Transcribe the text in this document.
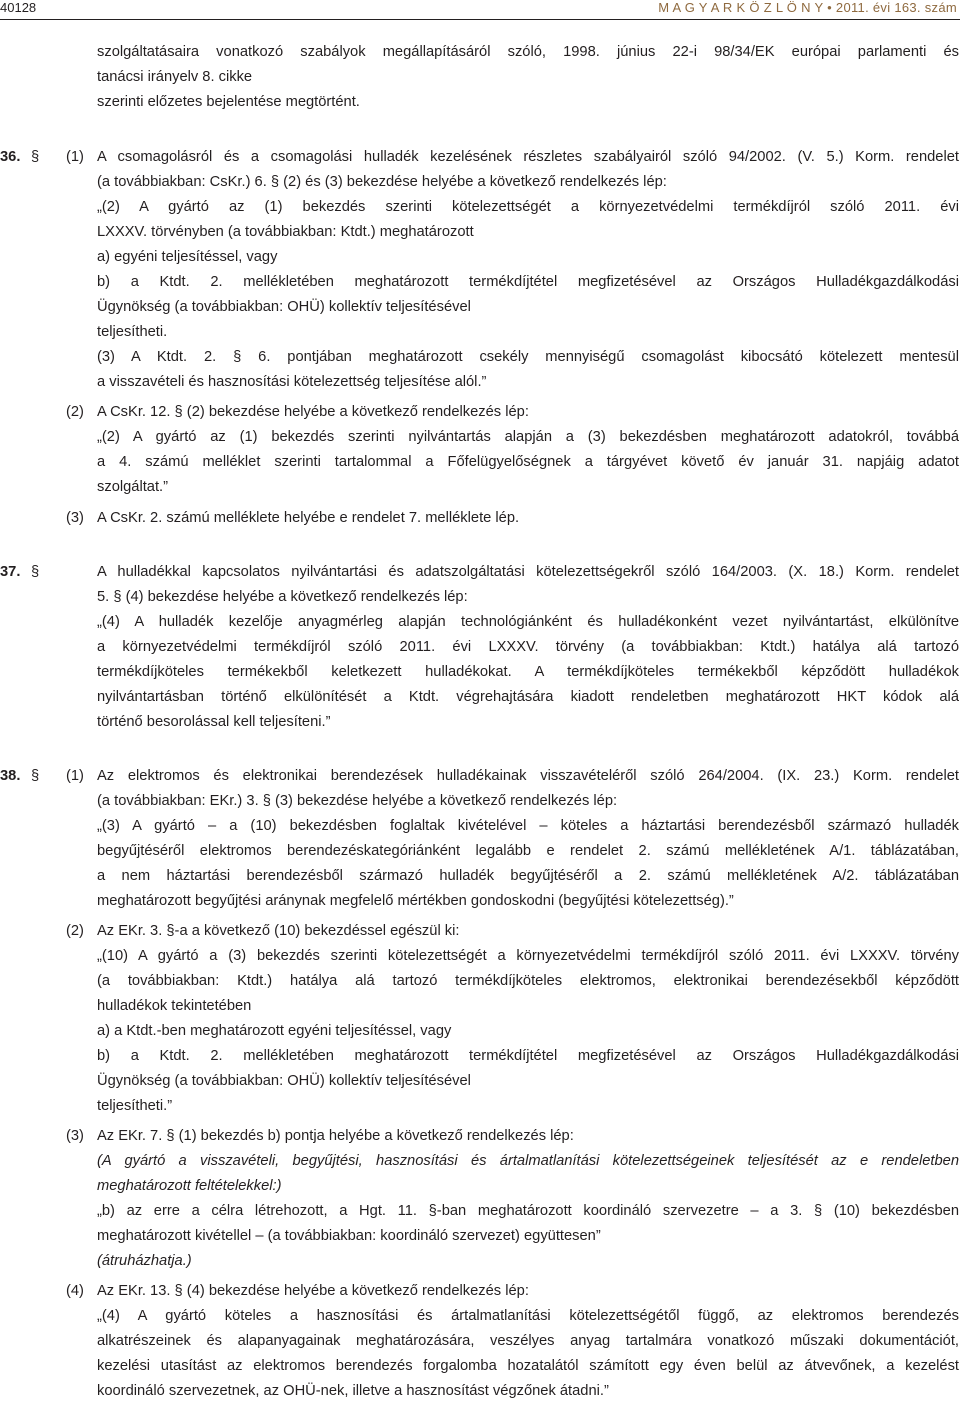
40128	M A G Y A R K Ö Z L Ö N Y • 2011. évi 163. szám
szolgáltatásaira vonatkozó szabályok megállapításáról szóló, 1998. június 22-i 98/34/EK európai parlamenti és
tanácsi irányelv 8. cikke
szerinti előzetes bejelentése megtörtént.
36. § (1) A csomagolásról és a csomagolási hulladék kezelésének részletes szabályairól szóló 94/2002. (V. 5.) Korm. rendelet
(a továbbiakban: CsKr.) 6. § (2) és (3) bekezdése helyébe a következő rendelkezés lép:
„(2) A gyártó az (1) bekezdés szerinti kötelezettségét a környezetvédelmi termékdíjról szóló 2011. évi
LXXXV. törvényben (a továbbiakban: Ktdt.) meghatározott
a) egyéni teljesítéssel, vagy
b) a Ktdt. 2. mellékletében meghatározott termékdíjtétel megfizetésével az Országos Hulladékgazdálkodási
Ügynökség (a továbbiakban: OHÜ) kollektív teljesítésével
teljesítheti.
(3) A Ktdt. 2. § 6. pontjában meghatározott csekély mennyiségű csomagolást kibocsátó kötelezett mentesül
a visszavételi és hasznosítási kötelezettség teljesítése alól.”
(2) A CsKr. 12. § (2) bekezdése helyébe a következő rendelkezés lép:
„(2) A gyártó az (1) bekezdés szerinti nyilvántartás alapján a (3) bekezdésben meghatározott adatokról, továbbá
a 4. számú melléklet szerinti tartalommal a Főfelügyelőségnek a tárgyévet követő év január 31. napjáig adatot
szolgáltat.”
(3) A CsKr. 2. számú melléklete helyébe e rendelet 7. melléklete lép.
37. §	A hulladékkal kapcsolatos nyilvántartási és adatszolgáltatási kötelezettségekről szóló 164/2003. (X. 18.) Korm. rendelet
5. § (4) bekezdése helyébe a következő rendelkezés lép:
„(4) A hulladék kezelője anyagmérleg alapján technológiánként és hulladékonként vezet nyilvántartást, elkülönítve
a környezetvédelmi termékdíjról szóló 2011. évi LXXXV. törvény (a továbbiakban: Ktdt.) hatálya alá tartozó
termékdíjköteles termékekből keletkezett hulladékokat. A termékdíjköteles termékekből képződött hulladékok
nyilvántartásban történő elkülönítését a Ktdt. végrehajtására kiadott rendeletben meghatározott HKT kódok alá
történő besorolással kell teljesíteni.”
38. § (1) Az elektromos és elektronikai berendezések hulladékainak visszavételéről szóló 264/2004. (IX. 23.) Korm. rendelet
(a továbbiakban: EKr.) 3. § (3) bekezdése helyébe a következő rendelkezés lép:
„(3) A gyártó – a (10) bekezdésben foglaltak kivételével – köteles a háztartási berendezésből származó hulladék
begyűjtéséről elektromos berendezéskategóriánként legalább e rendelet 2. számú mellékletének A/1. táblázatában,
a nem háztartási berendezésből származó hulladék begyűjtéséről a 2. számú mellékletének A/2. táblázatában
meghatározott begyűjtési aránynak megfelelő mértékben gondoskodni (begyűjtési kötelezettség).”
(2) Az EKr. 3. §-a a következő (10) bekezdéssel egészül ki:
„(10) A gyártó a (3) bekezdés szerinti kötelezettségét a környezetvédelmi termékdíjról szóló 2011. évi LXXXV. törvény
(a továbbiakban: Ktdt.) hatálya alá tartozó termékdíjköteles elektromos, elektronikai berendezésekből képződött
hulladékok tekintetében
a) a Ktdt.-ben meghatározott egyéni teljesítéssel, vagy
b) a Ktdt. 2. mellékletében meghatározott termékdíjtétel megfizetésével az Országos Hulladékgazdálkodási
Ügynökség (a továbbiakban: OHÜ) kollektív teljesítésével
teljesítheti.”
(3) Az EKr. 7. § (1) bekezdés b) pontja helyébe a következő rendelkezés lép:
(A gyártó a visszavételi, begyűjtési, hasznosítási és ártalmatlanítási kötelezettségeinek teljesítését az e rendeletben
meghatározott feltételekkel:)
„b) az erre a célra létrehozott, a Hgt. 11. §-ban meghatározott koordináló szervezetre – a 3. § (10) bekezdésben
meghatározott kivétellel – (a továbbiakban: koordináló szervezet) együttesen”
(átruházhatja.)
(4) Az EKr. 13. § (4) bekezdése helyébe a következő rendelkezés lép:
„(4) A gyártó köteles a hasznosítási és ártalmatlanítási kötelezettségétől függő, az elektromos berendezés
alkatrészeinek és alapanyagainak meghatározására, veszélyes anyag tartalmára vonatkozó műszaki dokumentációt,
kezelési utasítást az elektromos berendezés forgalomba hozatalától számított egy éven belül az átvevőnek, a kezelést
koordináló szervezetnek, az OHÜ-nek, illetve a hasznosítást végzőnek átadni.”
